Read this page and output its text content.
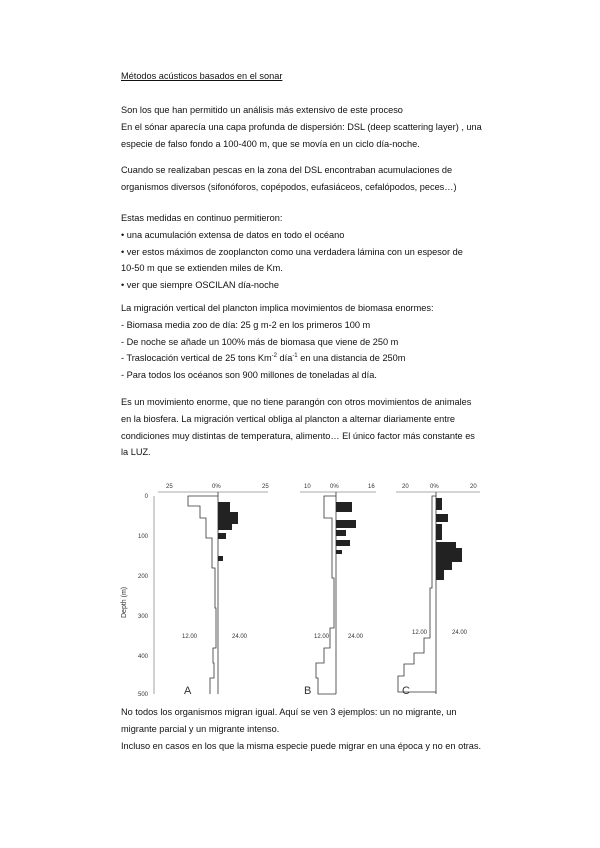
Métodos acústicos basados en el sonar
Son los que han permitido un análisis más extensivo de este proceso
En el sónar aparecía una capa profunda de dispersión: DSL (deep scattering layer) , una
especie de falso fondo a 100-400 m, que se movía en un ciclo día-noche.
Cuando se realizaban pescas en la zona del DSL encontraban acumulaciones de
organismos diversos (sifonóforos, copépodos, eufasiáceos, cefalópodos, peces…)
Estas medidas en continuo permitieron:
• una acumulación extensa de datos en todo el océano
• ver estos máximos de zooplancton como una verdadera lámina con un espesor de
10-50 m que se extienden miles de Km.
• ver que siempre OSCILAN día-noche
La migración vertical del plancton implica movimientos de biomasa enormes:
- Biomasa media zoo de día: 25 g m-2 en los primeros 100 m
- De noche se añade un 100% más de biomasa que viene de 250 m
- Traslocación vertical de 25 tons $Km^{-2}$ día$^{-1}$ en una distancia de 250m
- Para todos los océanos son 900 millones de toneladas al día.
Es un movimiento enorme, que no tiene parangón con otros movimientos de animales
en la biosfera. La migración vertical obliga al plancton a alternar diariamente entre
condiciones muy distintas de temperatura, alimento… El único factor más constante es
la LUZ.
Depth (m)
0
100
200
300
400
500
25	0%	25
12.00	24.00
A
10	0%	16
12.00	24.00
B
20	0%	20
12.00	24.00
C
No todos los organismos migran igual. Aquí se ven 3 ejemplos: un no migrante, un
migrante parcial y un migrante intenso.
Incluso en casos en los que la misma especie puede migrar en una época y no en otras.
